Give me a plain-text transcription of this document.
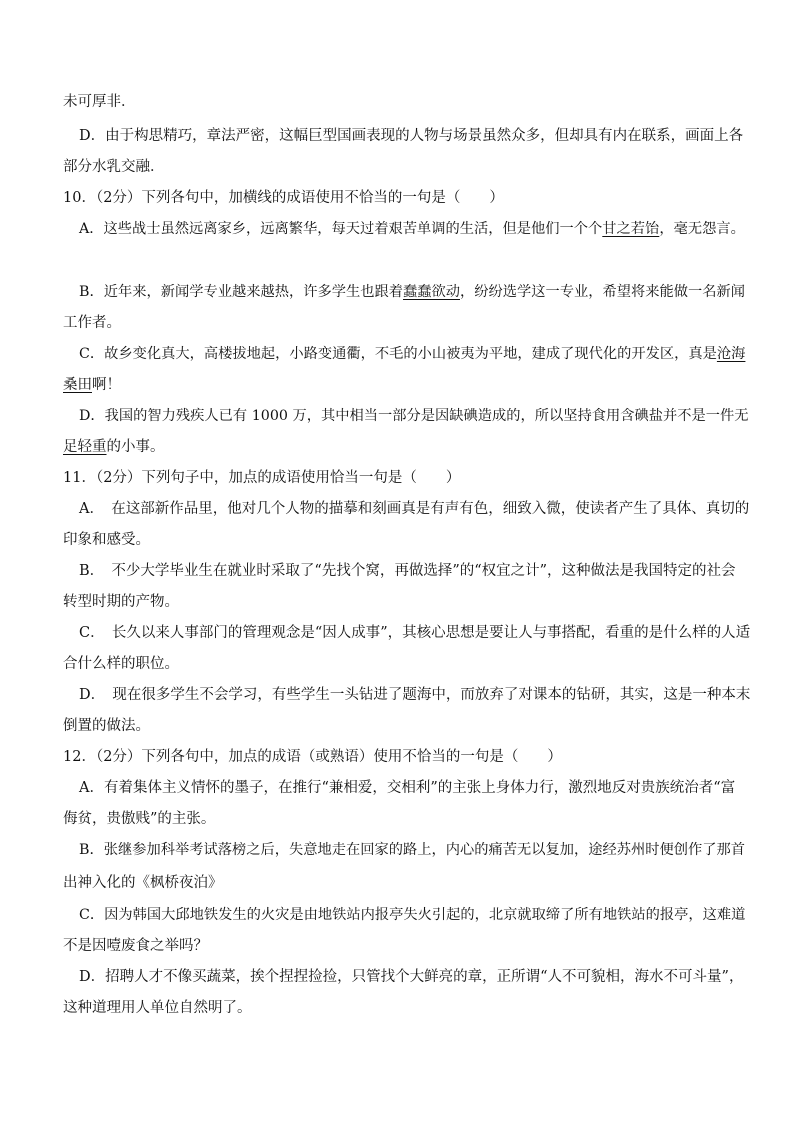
未可厚非．
D．由于构思精巧，章法严密，这幅巨型国画表现的人物与场景虽然众多，但却具有内在联系，画面上各
部分水乳交融．
10．（2分）下列各句中，加横线的成语使用不恰当的一句是（　　）
A．这些战士虽然远离家乡，远离繁华，每天过着艰苦单调的生活，但是他们一个个甘之若饴，毫无怨言。
B．近年来，新闻学专业越来越热，许多学生也跟着蠢蠢欲动，纷纷选学这一专业，希望将来能做一名新闻
工作者。
C．故乡变化真大，高楼拔地起，小路变通衢，不毛的小山被夷为平地，建成了现代化的开发区，真是沧海
桑田啊！
D．我国的智力残疾人已有 1000 万，其中相当一部分是因缺碘造成的，所以坚持食用含碘盐并不是一件无
足轻重的小事。
11．（2分）下列句子中，加点的成语使用恰当一句是（　　）
A．　在这部新作品里，他对几个人物的描摹和刻画真是有声有色，细致入微，使读者产生了具体、真切的
印象和感受。
B．　不少大学毕业生在就业时采取了“先找个窝，再做选择”的“权宜之计”，这种做法是我国特定的社会
转型时期的产物。
C．　长久以来人事部门的管理观念是“因人成事”，其核心思想是要让人与事搭配，看重的是什么样的人适
合什么样的职位。
D．　现在很多学生不会学习，有些学生一头钻进了题海中，而放弃了对课本的钻研，其实，这是一种本末
倒置的做法。
12．（2分）下列各句中，加点的成语（或熟语）使用不恰当的一句是（　　）
A．有着集体主义情怀的墨子，在推行“兼相爱，交相利”的主张上身体力行，激烈地反对贵族统治者“富
侮贫，贵傲贱”的主张。
B．张继参加科举考试落榜之后，失意地走在回家的路上，内心的痛苦无以复加，途经苏州时便创作了那首
出神入化的《枫桥夜泊》
C．因为韩国大邱地铁发生的火灾是由地铁站内报亭失火引起的，北京就取缔了所有地铁站的报亭，这难道
不是因噎废食之举吗？
D．招聘人才不像买蔬菜，挨个捏捏捡捡，只管找个大鲜亮的章，正所谓“人不可貌相，海水不可斗量”，
这种道理用人单位自然明了。
